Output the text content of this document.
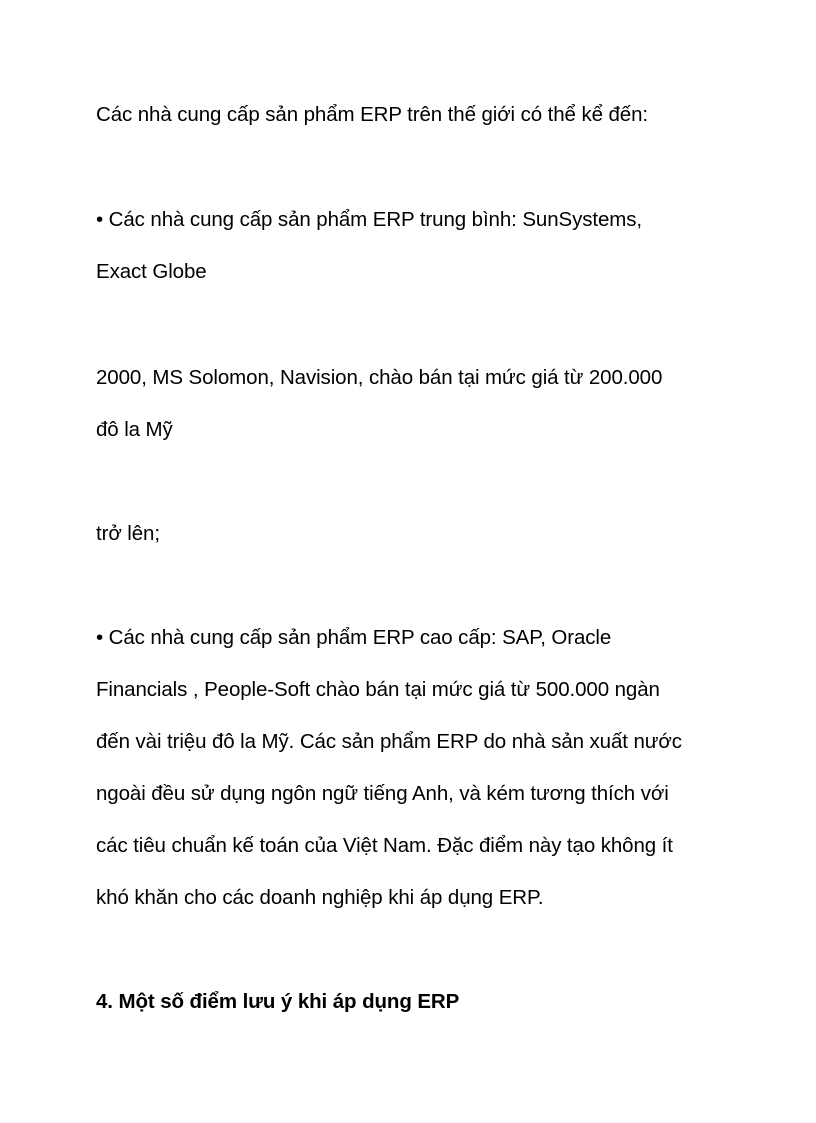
Các nhà cung cấp sản phẩm ERP trên thế giới có thể kể đến:
• Các nhà cung cấp sản phẩm ERP trung bình: SunSystems,
Exact Globe
2000, MS Solomon, Navision, chào bán tại mức giá từ 200.000
đô la Mỹ
trở lên;
• Các nhà cung cấp sản phẩm ERP cao cấp: SAP, Oracle
Financials , People-Soft chào bán tại mức giá từ 500.000 ngàn
đến vài triệu đô la Mỹ. Các sản phẩm ERP do nhà sản xuất nước
ngoài đều sử dụng ngôn ngữ tiếng Anh, và kém tương thích với
các tiêu chuẩn kế toán của Việt Nam. Đặc điểm này tạo không ít
khó khăn cho các doanh nghiệp khi áp dụng ERP.
4. Một số điểm lưu ý khi áp dụng ERP
